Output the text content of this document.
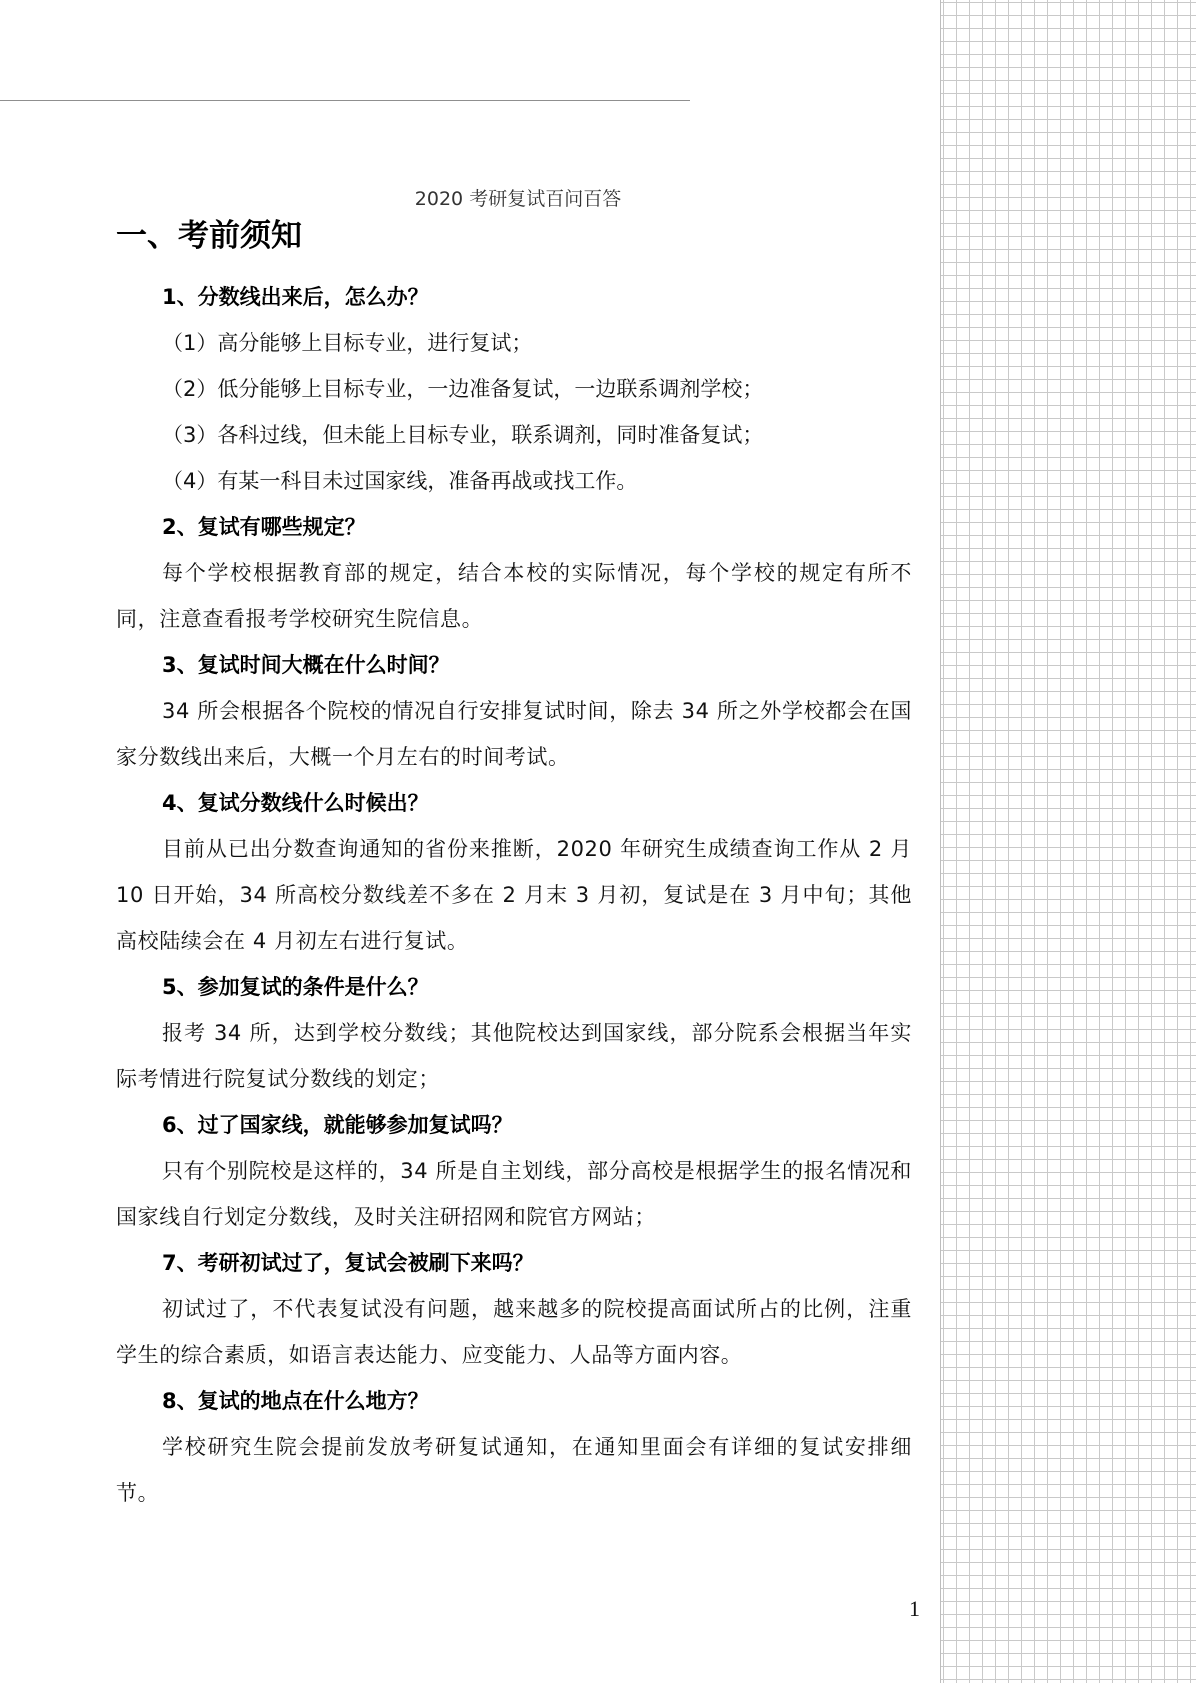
2020 考研复试百问百答
一、考前须知

1、分数线出来后，怎么办？

（1）高分能够上目标专业，进行复试；

（2）低分能够上目标专业，一边准备复试，一边联系调剂学校；

（3）各科过线，但未能上目标专业，联系调剂，同时准备复试；

（4）有某一科目未过国家线，准备再战或找工作。

2、复试有哪些规定？

每个学校根据教育部的规定，结合本校的实际情况，每个学校的规定有所不同，注意查看报考学校研究生院信息。

3、复试时间大概在什么时间？

34 所会根据各个院校的情况自行安排复试时间，除去 34 所之外学校都会在国家分数线出来后，大概一个月左右的时间考试。

4、复试分数线什么时候出？

目前从已出分数查询通知的省份来推断，2020 年研究生成绩查询工作从 2 月 10 日开始，34 所高校分数线差不多在 2 月末 3 月初，复试是在 3 月中旬；其他高校陆续会在 4 月初左右进行复试。

5、参加复试的条件是什么？

报考 34 所，达到学校分数线；其他院校达到国家线，部分院系会根据当年实际考情进行院复试分数线的划定；

6、过了国家线，就能够参加复试吗？

只有个别院校是这样的，34 所是自主划线，部分高校是根据学生的报名情况和国家线自行划定分数线，及时关注研招网和院官方网站；

7、考研初试过了，复试会被刷下来吗？

初试过了，不代表复试没有问题，越来越多的院校提高面试所占的比例，注重学生的综合素质，如语言表达能力、应变能力、人品等方面内容。

8、复试的地点在什么地方？

学校研究生院会提前发放考研复试通知，在通知里面会有详细的复试安排细节。

1
